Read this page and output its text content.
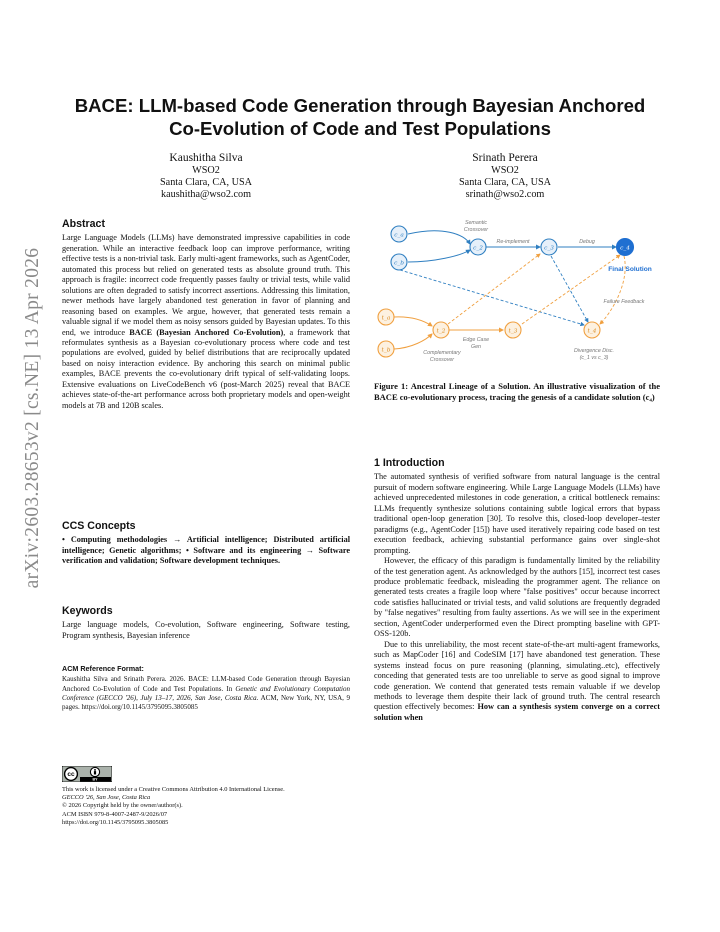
arXiv:2603.28653v2 [cs.NE] 13 Apr 2026
BACE: LLM-based Code Generation through Bayesian Anchored
Co-Evolution of Code and Test Populations
Kaushitha Silva
WSO2
Santa Clara, CA, USA
kaushitha@wso2.com
Srinath Perera
WSO2
Santa Clara, CA, USA
srinath@wso2.com
Abstract

Large Language Models (LLMs) have demonstrated impressive capabilities in code generation. While an interactive feedback loop can improve performance, writing effective tests is a non-trivial task. Early multi-agent frameworks, such as AgentCoder, automated this process but relied on generated tests as absolute ground truth. This approach is fragile: incorrect code frequently passes faulty or trivial tests, while valid solutions are often degraded to satisfy incorrect assertions. Addressing this limitation, newer methods have largely abandoned test generation in favor of planning and reasoning based on examples. We argue, however, that generated tests remain a valuable signal if we model them as noisy sensors guided by Bayesian updates. To this end, we introduce BACE (Bayesian Anchored Co-Evolution), a framework that reformulates synthesis as a Bayesian co-evolutionary process where code and test populations are evolved, guided by belief distributions that are reciprocally updated based on noisy interaction evidence. By anchoring this search on minimal public examples, BACE prevents the co-evolutionary drift typical of self-validating loops. Extensive evaluations on LiveCodeBench v6 (post-March 2025) reveal that BACE achieves state-of-the-art performance across both proprietary models and open-weight models at 7B and 120B scales.

CCS Concepts

• Computing methodologies → Artificial intelligence; Distributed artificial intelligence; Genetic algorithms; • Software and its engineering → Software verification and validation; Software development techniques.

Keywords

Large language models, Co-evolution, Software engineering, Software testing, Program synthesis, Bayesian inference

ACM Reference Format:

Kaushitha Silva and Srinath Perera. 2026. BACE: LLM-based Code Generation through Bayesian Anchored Co-Evolution of Code and Test Populations. In Genetic and Evolutionary Computation Conference (GECCO '26), July 13–17, 2026, San Jose, Costa Rica. ACM, New York, NY, USA, 9 pages. https://doi.org/10.1145/3795095.3805085

cc
BY
This work is licensed under a Creative Commons Attribution 4.0 International License.
GECCO '26, San Jose, Costa Rica
© 2026 Copyright held by the owner/author(s).
ACM ISBN 979-8-4007-2487-9/2026/07
https://doi.org/10.1145/3795095.3805085
c_a
c_b
c_2	c_3	c_4
t_a
t_b
t_2	t_3	t_4
Semantic
Crossover
Re-implement	Debug
Failure Feedback
Edge Case
Gen
Complementary
Crossover
Divergence Disc.
(c_1 vs c_3)
Final Solution
Figure 1: Ancestral Lineage of a Solution. An illustrative visualization of the BACE co-evolutionary process, tracing the genesis of a candidate solution (c₄)
1 Introduction

The automated synthesis of verified software from natural language is the central pursuit of modern software engineering. While Large Language Models (LLMs) have achieved unprecedented milestones in code generation, a critical bottleneck remains: LLMs frequently synthesize solutions containing subtle logical errors that bypass traditional open-loop generation [30]. To resolve this, closed-loop developer–tester paradigms (e.g., AgentCoder [15]) have used iteratively repairing code based on test execution feedback, achieving substantial performance gains over single-shot prompting.

However, the efficacy of this paradigm is fundamentally limited by the reliability of the test generation agent. As acknowledged by the authors [15], incorrect test cases produce problematic feedback, misleading the programmer agent. The reliance on generated tests creates a fragile loop where "false positives" occur because incorrect code satisfies hallucinated or trivial tests, and valid solutions are frequently degraded by "false negatives" resulting from faulty assertions. As we will see in the experiment section, AgentCoder underperformed even the Direct prompting baseline with GPT-OSS-120b.

Due to this unreliability, the most recent state-of-the-art multi-agent frameworks, such as MapCoder [16] and CodeSIM [17] have abandoned test generation. These systems instead focus on pure reasoning (planning, simulating..etc), effectively conceding that generated tests are too unreliable to serve as good signal to improve code generation. We contend that generated tests remain valuable if we develop methods to leverage them despite their lack of ground truth. The central research question effectively becomes: How can a synthesis system converge on a correct solution when
